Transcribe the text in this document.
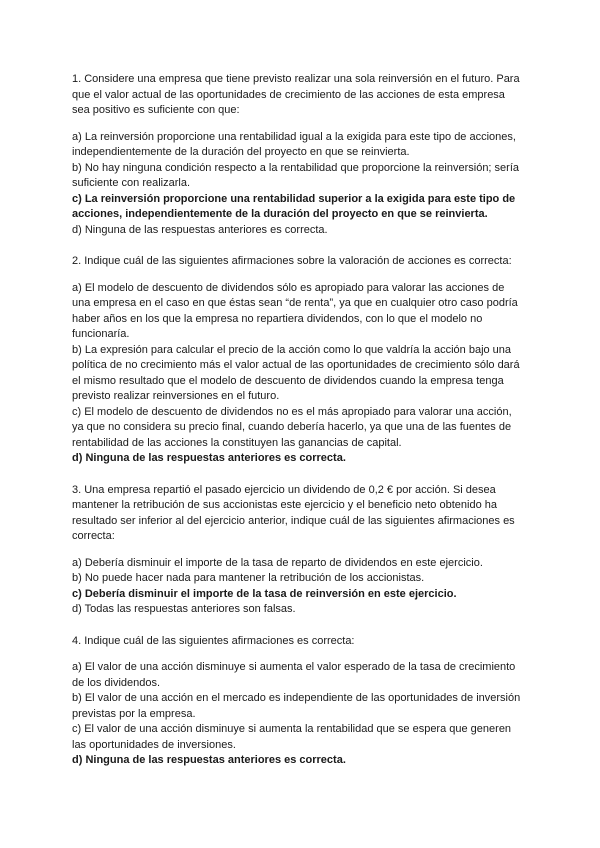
1. Considere una empresa que tiene previsto realizar una sola reinversión en el futuro. Para
que el valor actual de las oportunidades de crecimiento de las acciones de esta empresa
sea positivo es suficiente con que:
a) La reinversión proporcione una rentabilidad igual a la exigida para este tipo de acciones,
independientemente de la duración del proyecto en que se reinvierta.
b) No hay ninguna condición respecto a la rentabilidad que proporcione la reinversión; sería
suficiente con realizarla.
c) La reinversión proporcione una rentabilidad superior a la exigida para este tipo de
acciones, independientemente de la duración del proyecto en que se reinvierta.
d) Ninguna de las respuestas anteriores es correcta.
2. Indique cuál de las siguientes afirmaciones sobre la valoración de acciones es correcta:
a) El modelo de descuento de dividendos sólo es apropiado para valorar las acciones de
una empresa en el caso en que éstas sean “de renta”, ya que en cualquier otro caso podría
haber años en los que la empresa no repartiera dividendos, con lo que el modelo no
funcionaría.
b) La expresión para calcular el precio de la acción como lo que valdría la acción bajo una
política de no crecimiento más el valor actual de las oportunidades de crecimiento sólo dará
el mismo resultado que el modelo de descuento de dividendos cuando la empresa tenga
previsto realizar reinversiones en el futuro.
c) El modelo de descuento de dividendos no es el más apropiado para valorar una acción,
ya que no considera su precio final, cuando debería hacerlo, ya que una de las fuentes de
rentabilidad de las acciones la constituyen las ganancias de capital.
d) Ninguna de las respuestas anteriores es correcta.
3. Una empresa repartió el pasado ejercicio un dividendo de 0,2 € por acción. Si desea
mantener la retribución de sus accionistas este ejercicio y el beneficio neto obtenido ha
resultado ser inferior al del ejercicio anterior, indique cuál de las siguientes afirmaciones es
correcta:
a) Debería disminuir el importe de la tasa de reparto de dividendos en este ejercicio.
b) No puede hacer nada para mantener la retribución de los accionistas.
c) Debería disminuir el importe de la tasa de reinversión en este ejercicio.
d) Todas las respuestas anteriores son falsas.
4. Indique cuál de las siguientes afirmaciones es correcta:
a) El valor de una acción disminuye si aumenta el valor esperado de la tasa de crecimiento
de los dividendos.
b) El valor de una acción en el mercado es independiente de las oportunidades de inversión
previstas por la empresa.
c) El valor de una acción disminuye si aumenta la rentabilidad que se espera que generen
las oportunidades de inversiones.
d) Ninguna de las respuestas anteriores es correcta.
